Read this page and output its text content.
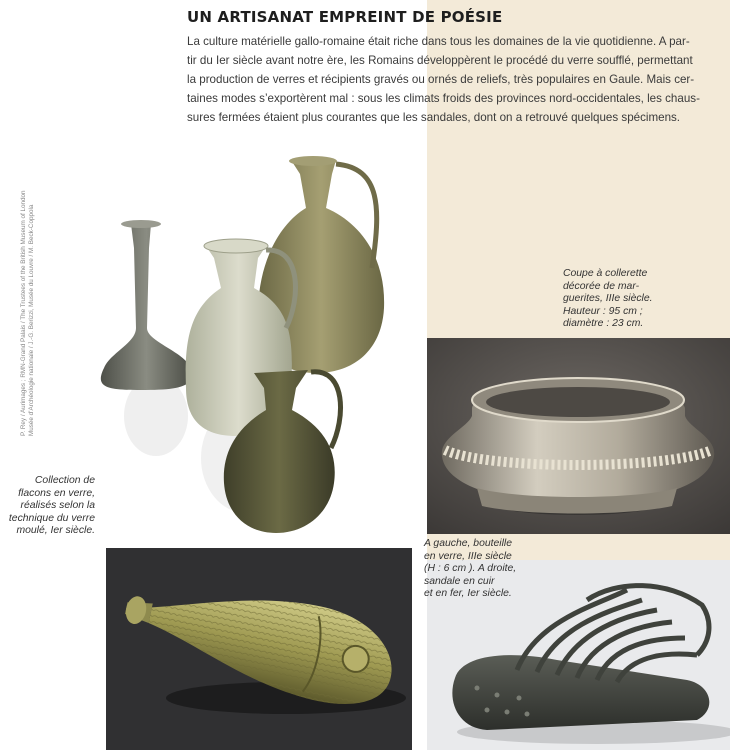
UN ARTISANAT EMPREINT DE POÉSIE
La culture matérielle gallo-romaine était riche dans tous les domaines de la vie quotidienne. A par-
tir du Ier siècle avant notre ère, les Romains développèrent le procédé du verre soufflé, permettant
la production de verres et récipients gravés ou ornés de reliefs, très populaires en Gaule. Mais cer-
taines modes s’exportèrent mal : sous les climats froids des provinces nord-occidentales, les chaus-
sures fermées étaient plus courantes que les sandales, dont on a retrouvé quelques spécimens.
P. Rey / Aurimages ; RMN-Grand Palais / The Trustees of the British Museum of London Musée d’Archéologie nationale / J.-G. Berizzi, Musée du Louvre / M. Beck-Coppola
Collection de
flacons en verre,
réalisés selon la
technique du verre
moulé, Ier siècle.
Coupe à collerette
décorée de mar-
guerites, IIIe siècle.
Hauteur : 95 cm ;
diamètre : 23 cm.
A gauche, bouteille
en verre, IIIe siècle
(H : 6 cm ). A droite,
sandale en cuir
et en fer, Ier siècle.
